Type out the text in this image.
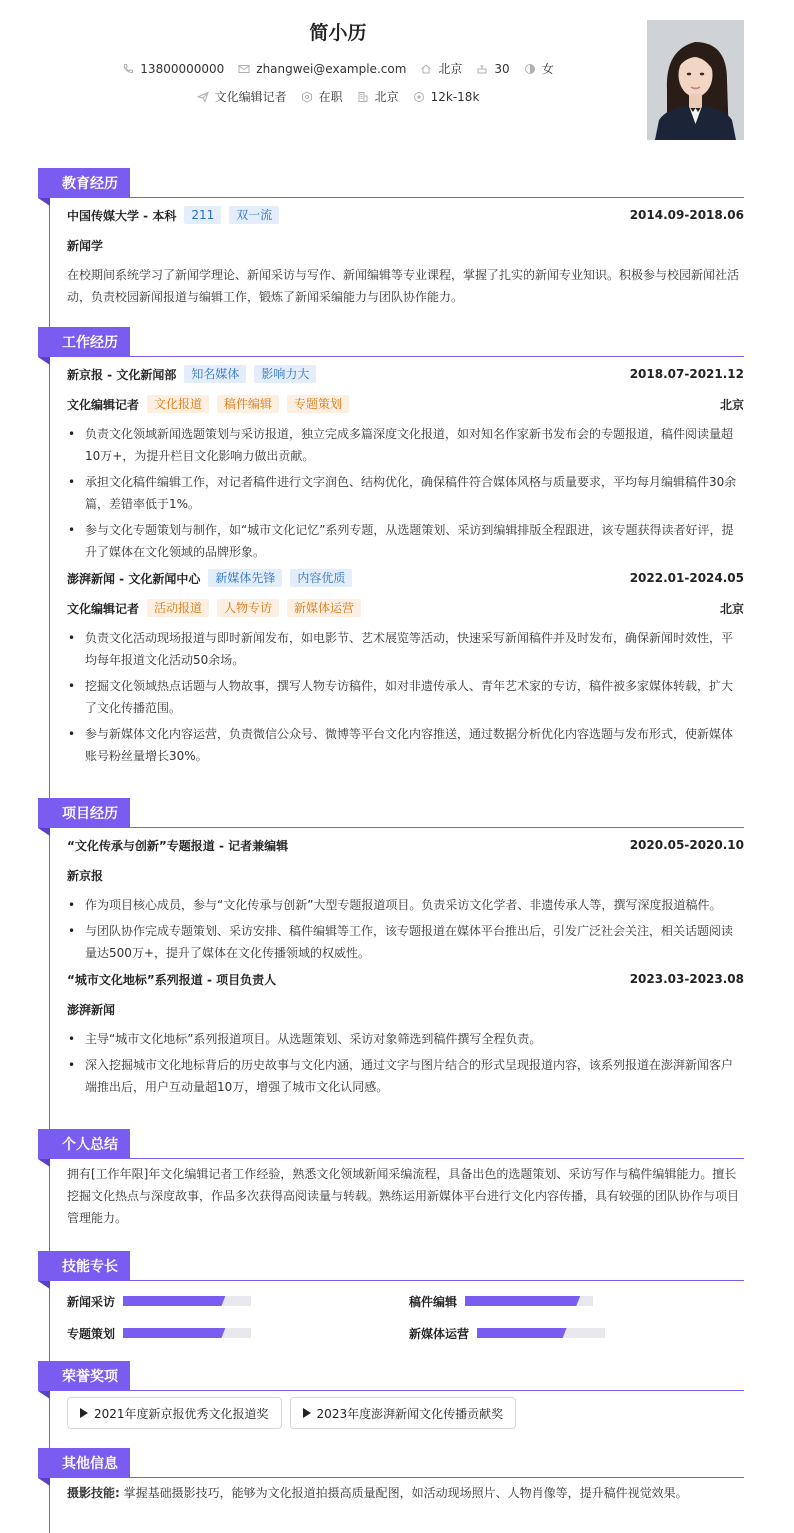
简小历
13800000000	zhangwei@example.com	北京	30	女
文化编辑记者	在职	北京	12k-18k
教育经历
中国传媒大学 - 本科	211	双一流	2014.09-2018.06
新闻学
在校期间系统学习了新闻学理论、新闻采访与写作、新闻编辑等专业课程，掌握了扎实的新闻专业知识。积极参与校园新闻社活动，负责校园新闻报道与编辑工作，锻炼了新闻采编能力与团队协作能力。
工作经历
新京报 - 文化新闻部	知名媒体	影响力大	2018.07-2021.12
文化编辑记者	文化报道	稿件编辑	专题策划	北京
• 负责文化领域新闻选题策划与采访报道，独立完成多篇深度文化报道，如对知名作家新书发布会的专题报道，稿件阅读量超10万+，为提升栏目文化影响力做出贡献。
• 承担文化稿件编辑工作，对记者稿件进行文字润色、结构优化，确保稿件符合媒体风格与质量要求，平均每月编辑稿件30余篇，差错率低于1%。
• 参与文化专题策划与制作，如“城市文化记忆”系列专题，从选题策划、采访到编辑排版全程跟进，该专题获得读者好评，提升了媒体在文化领域的品牌形象。
澎湃新闻 - 文化新闻中心	新媒体先锋	内容优质	2022.01-2024.05
文化编辑记者	活动报道	人物专访	新媒体运营	北京
• 负责文化活动现场报道与即时新闻发布，如电影节、艺术展览等活动，快速采写新闻稿件并及时发布，确保新闻时效性，平均每年报道文化活动50余场。
• 挖掘文化领域热点话题与人物故事，撰写人物专访稿件，如对非遗传承人、青年艺术家的专访，稿件被多家媒体转载，扩大了文化传播范围。
• 参与新媒体文化内容运营，负责微信公众号、微博等平台文化内容推送，通过数据分析优化内容选题与发布形式，使新媒体账号粉丝量增长30%。
项目经历
“文化传承与创新”专题报道 - 记者兼编辑	2020.05-2020.10
新京报
• 作为项目核心成员，参与“文化传承与创新”大型专题报道项目。负责采访文化学者、非遗传承人等，撰写深度报道稿件。
• 与团队协作完成专题策划、采访安排、稿件编辑等工作，该专题报道在媒体平台推出后，引发广泛社会关注，相关话题阅读量达500万+，提升了媒体在文化传播领域的权威性。
“城市文化地标”系列报道 - 项目负责人	2023.03-2023.08
澎湃新闻
• 主导“城市文化地标”系列报道项目。从选题策划、采访对象筛选到稿件撰写全程负责。
• 深入挖掘城市文化地标背后的历史故事与文化内涵，通过文字与图片结合的形式呈现报道内容，该系列报道在澎湃新闻客户端推出后，用户互动量超10万，增强了城市文化认同感。
个人总结
拥有[工作年限]年文化编辑记者工作经验，熟悉文化领域新闻采编流程，具备出色的选题策划、采访写作与稿件编辑能力。擅长挖掘文化热点与深度故事，作品多次获得高阅读量与转载。熟练运用新媒体平台进行文化内容传播，具有较强的团队协作与项目管理能力。
技能专长
新闻采访	稿件编辑
专题策划	新媒体运营
荣誉奖项
2021年度新京报优秀文化报道奖	2023年度澎湃新闻文化传播贡献奖
其他信息
摄影技能: 掌握基础摄影技巧，能够为文化报道拍摄高质量配图，如活动现场照片、人物肖像等，提升稿件视觉效果。
